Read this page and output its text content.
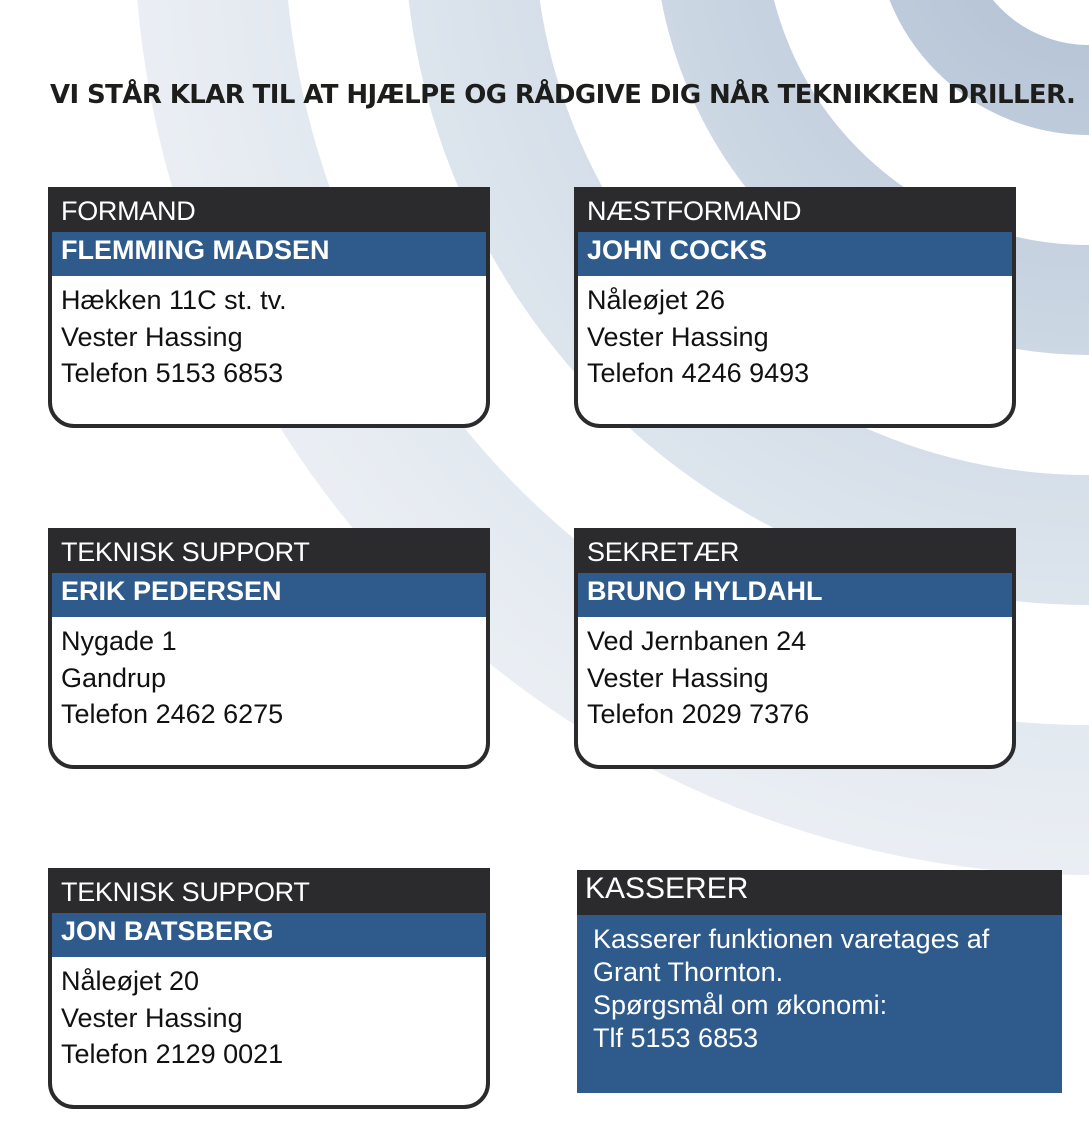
VI STÅR KLAR TIL AT HJÆLPE OG RÅDGIVE DIG NÅR TEKNIKKEN DRILLER.
FORMAND
FLEMMING MADSEN
Hækken 11C st. tv.
Vester Hassing
Telefon 5153 6853
NÆSTFORMAND
JOHN COCKS
Nåleøjet 26
Vester Hassing
Telefon 4246 9493
TEKNISK SUPPORT
ERIK PEDERSEN
Nygade 1
Gandrup
Telefon 2462 6275
SEKRETÆR
BRUNO HYLDAHL
Ved Jernbanen 24
Vester Hassing
Telefon 2029 7376
TEKNISK SUPPORT
JON BATSBERG
Nåleøjet 20
Vester Hassing
Telefon 2129 0021
KASSERER
Kasserer funktionen varetages af
Grant Thornton.
Spørgsmål om økonomi:
Tlf 5153 6853
